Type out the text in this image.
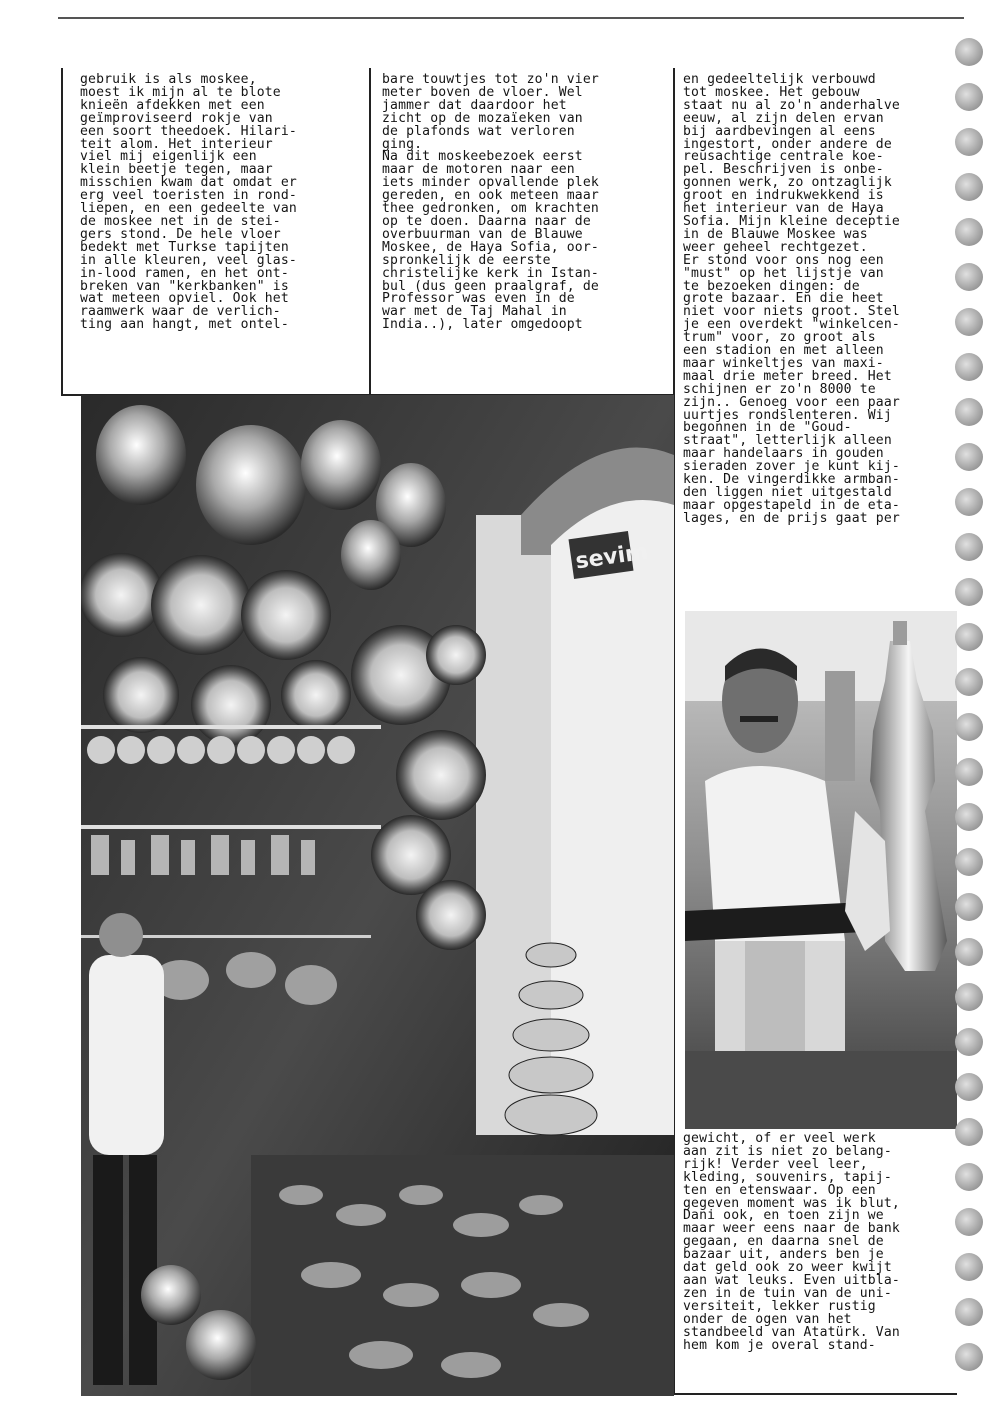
gebruik is als moskee,
moest ik mijn al te blote
knieën afdekken met een
geïmproviseerd rokje van
een soort theedoek. Hilari-
teit alom. Het interieur
viel mij eigenlijk een
klein beetje tegen, maar
misschien kwam dat omdat er
erg veel toeristen in rond-
liepen, en een gedeelte van
de moskee net in de stei-
gers stond. De hele vloer
bedekt met Turkse tapijten
in alle kleuren, veel glas-
in-lood ramen, en het ont-
breken van "kerkbanken" is
wat meteen opviel. Ook het
raamwerk waar de verlich-
ting aan hangt, met ontel-
bare touwtjes tot zo'n vier
meter boven de vloer. Wel
jammer dat daardoor het
zicht op de mozaïeken van
de plafonds wat verloren
ging.
Na dit moskeebezoek eerst
maar de motoren naar een
iets minder opvallende plek
gereden, en ook meteen maar
thee gedronken, om krachten
op te doen. Daarna naar de
overbuurman van de Blauwe
Moskee, de Haya Sofia, oor-
spronkelijk de eerste
christelijke kerk in Istan-
bul (dus geen praalgraf, de
Professor was even in de
war met de Taj Mahal in
India..), later omgedoopt
en gedeeltelijk verbouwd
tot moskee. Het gebouw
staat nu al zo'n anderhalve
eeuw, al zijn delen ervan
bij aardbevingen al eens
ingestort, onder andere de
reusachtige centrale koe-
pel. Beschrijven is onbe-
gonnen werk, zo ontzaglijk
groot en indrukwekkend is
het interieur van de Haya
Sofia. Mijn kleine deceptie
in de Blauwe Moskee was
weer geheel rechtgezet.
Er stond voor ons nog een
"must" op het lijstje van
te bezoeken dingen: de
grote bazaar. En die heet
niet voor niets groot. Stel
je een overdekt "winkelcen-
trum" voor, zo groot als
een stadion en met alleen
maar winkeltjes van maxi-
maal drie meter breed. Het
schijnen er zo'n 8000 te
zijn.. Genoeg voor een paar
uurtjes rondslenteren. Wij
begonnen in de "Goud-
straat", letterlijk alleen
maar handelaars in gouden
sieraden zover je kunt kij-
ken. De vingerdikke armban-
den liggen niet uitgestald
maar opgestapeld in de eta-
lages, en de prijs gaat per
gewicht, of er veel werk
aan zit is niet zo belang-
rijk! Verder veel leer,
kleding, souvenirs, tapij-
ten en etenswaar. Op een
gegeven moment was ik blut,
Dani ook, en toen zijn we
maar weer eens naar de bank
gegaan, en daarna snel de
bazaar uit, anders ben je
dat geld ook zo weer kwijt
aan wat leuks. Even uitbla-
zen in de tuin van de uni-
versiteit, lekker rustig
onder de ogen van het
standbeeld van Atatürk. Van
hem kom je overal stand-
sevim
